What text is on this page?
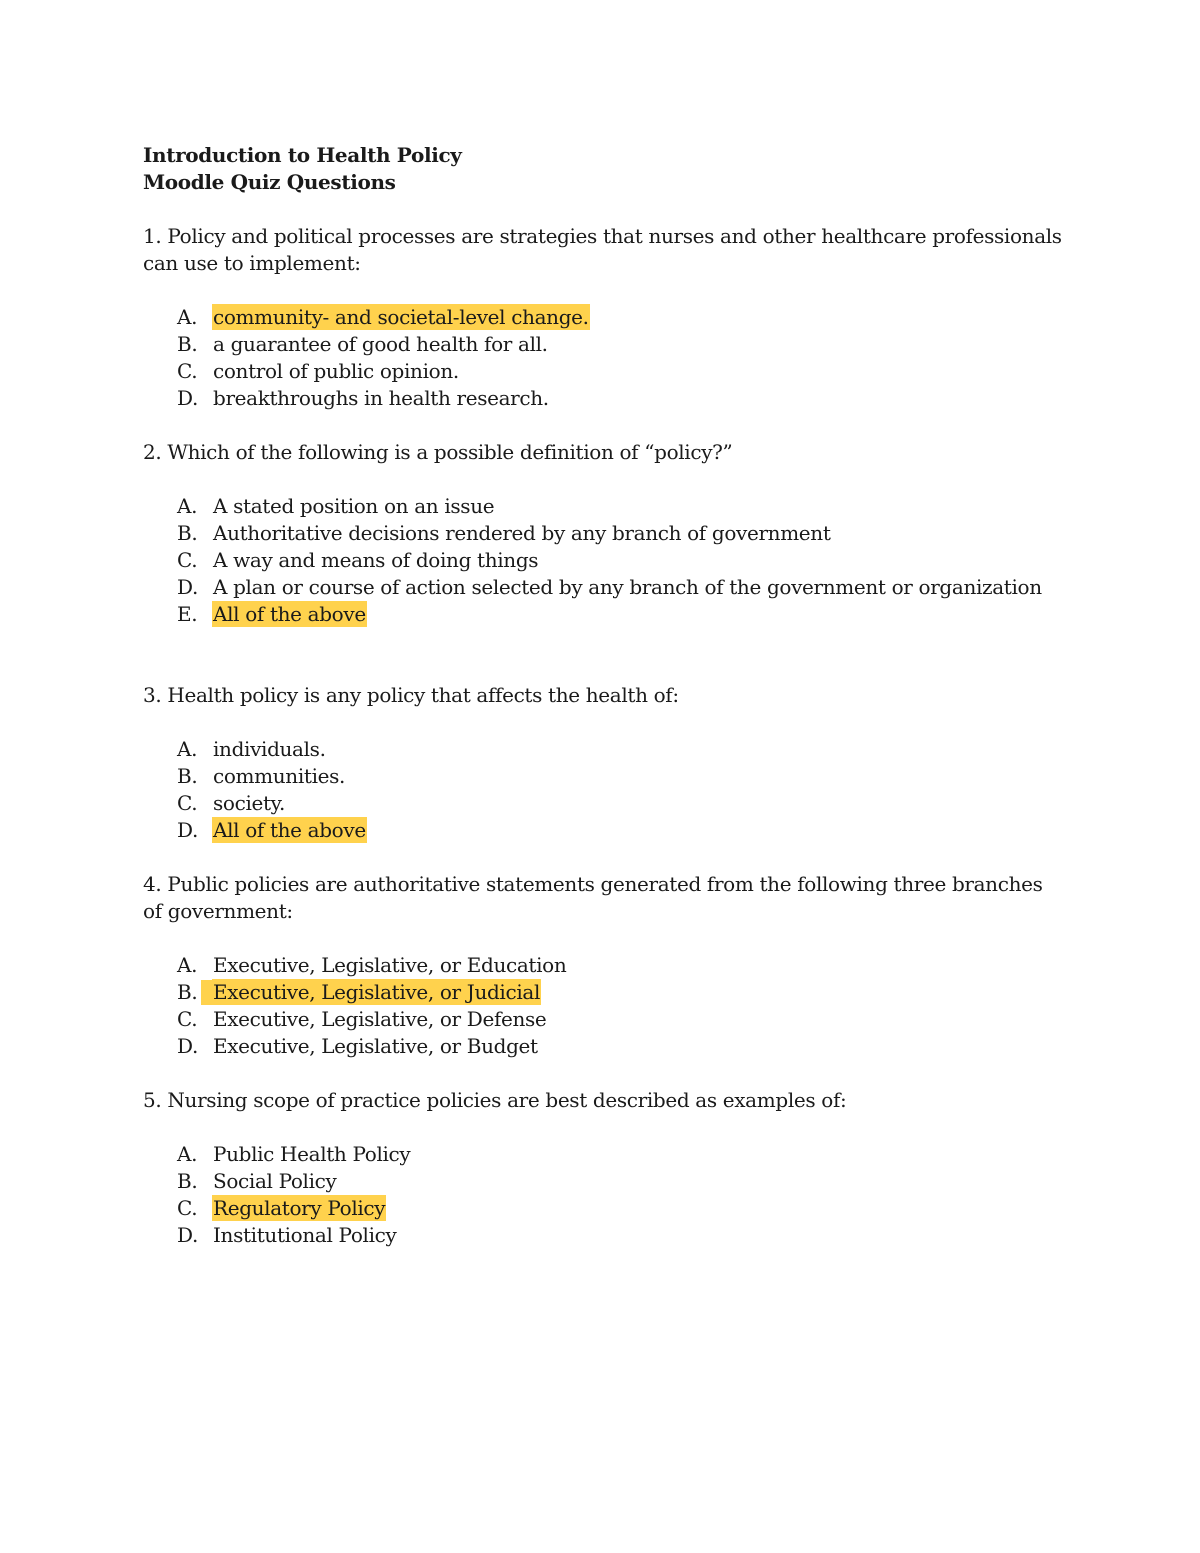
Introduction to Health Policy

Moodle Quiz Questions

1. Policy and political processes are strategies that nurses and other healthcare professionals can use to implement:

A. community- and societal-level change.
B. a guarantee of good health for all.
C. control of public opinion.
D. breakthroughs in health research.

2. Which of the following is a possible definition of “policy?”

A. A stated position on an issue
B. Authoritative decisions rendered by any branch of government
C. A way and means of doing things
D. A plan or course of action selected by any branch of the government or organization
E. All of the above

3. Health policy is any policy that affects the health of:

A. individuals.
B. communities.
C. society.
D. All of the above

4. Public policies are authoritative statements generated from the following three branches of government:

A. Executive, Legislative, or Education
B. Executive, Legislative, or Judicial
C. Executive, Legislative, or Defense
D. Executive, Legislative, or Budget

5. Nursing scope of practice policies are best described as examples of:

A. Public Health Policy
B. Social Policy
C. Regulatory Policy
D. Institutional Policy
